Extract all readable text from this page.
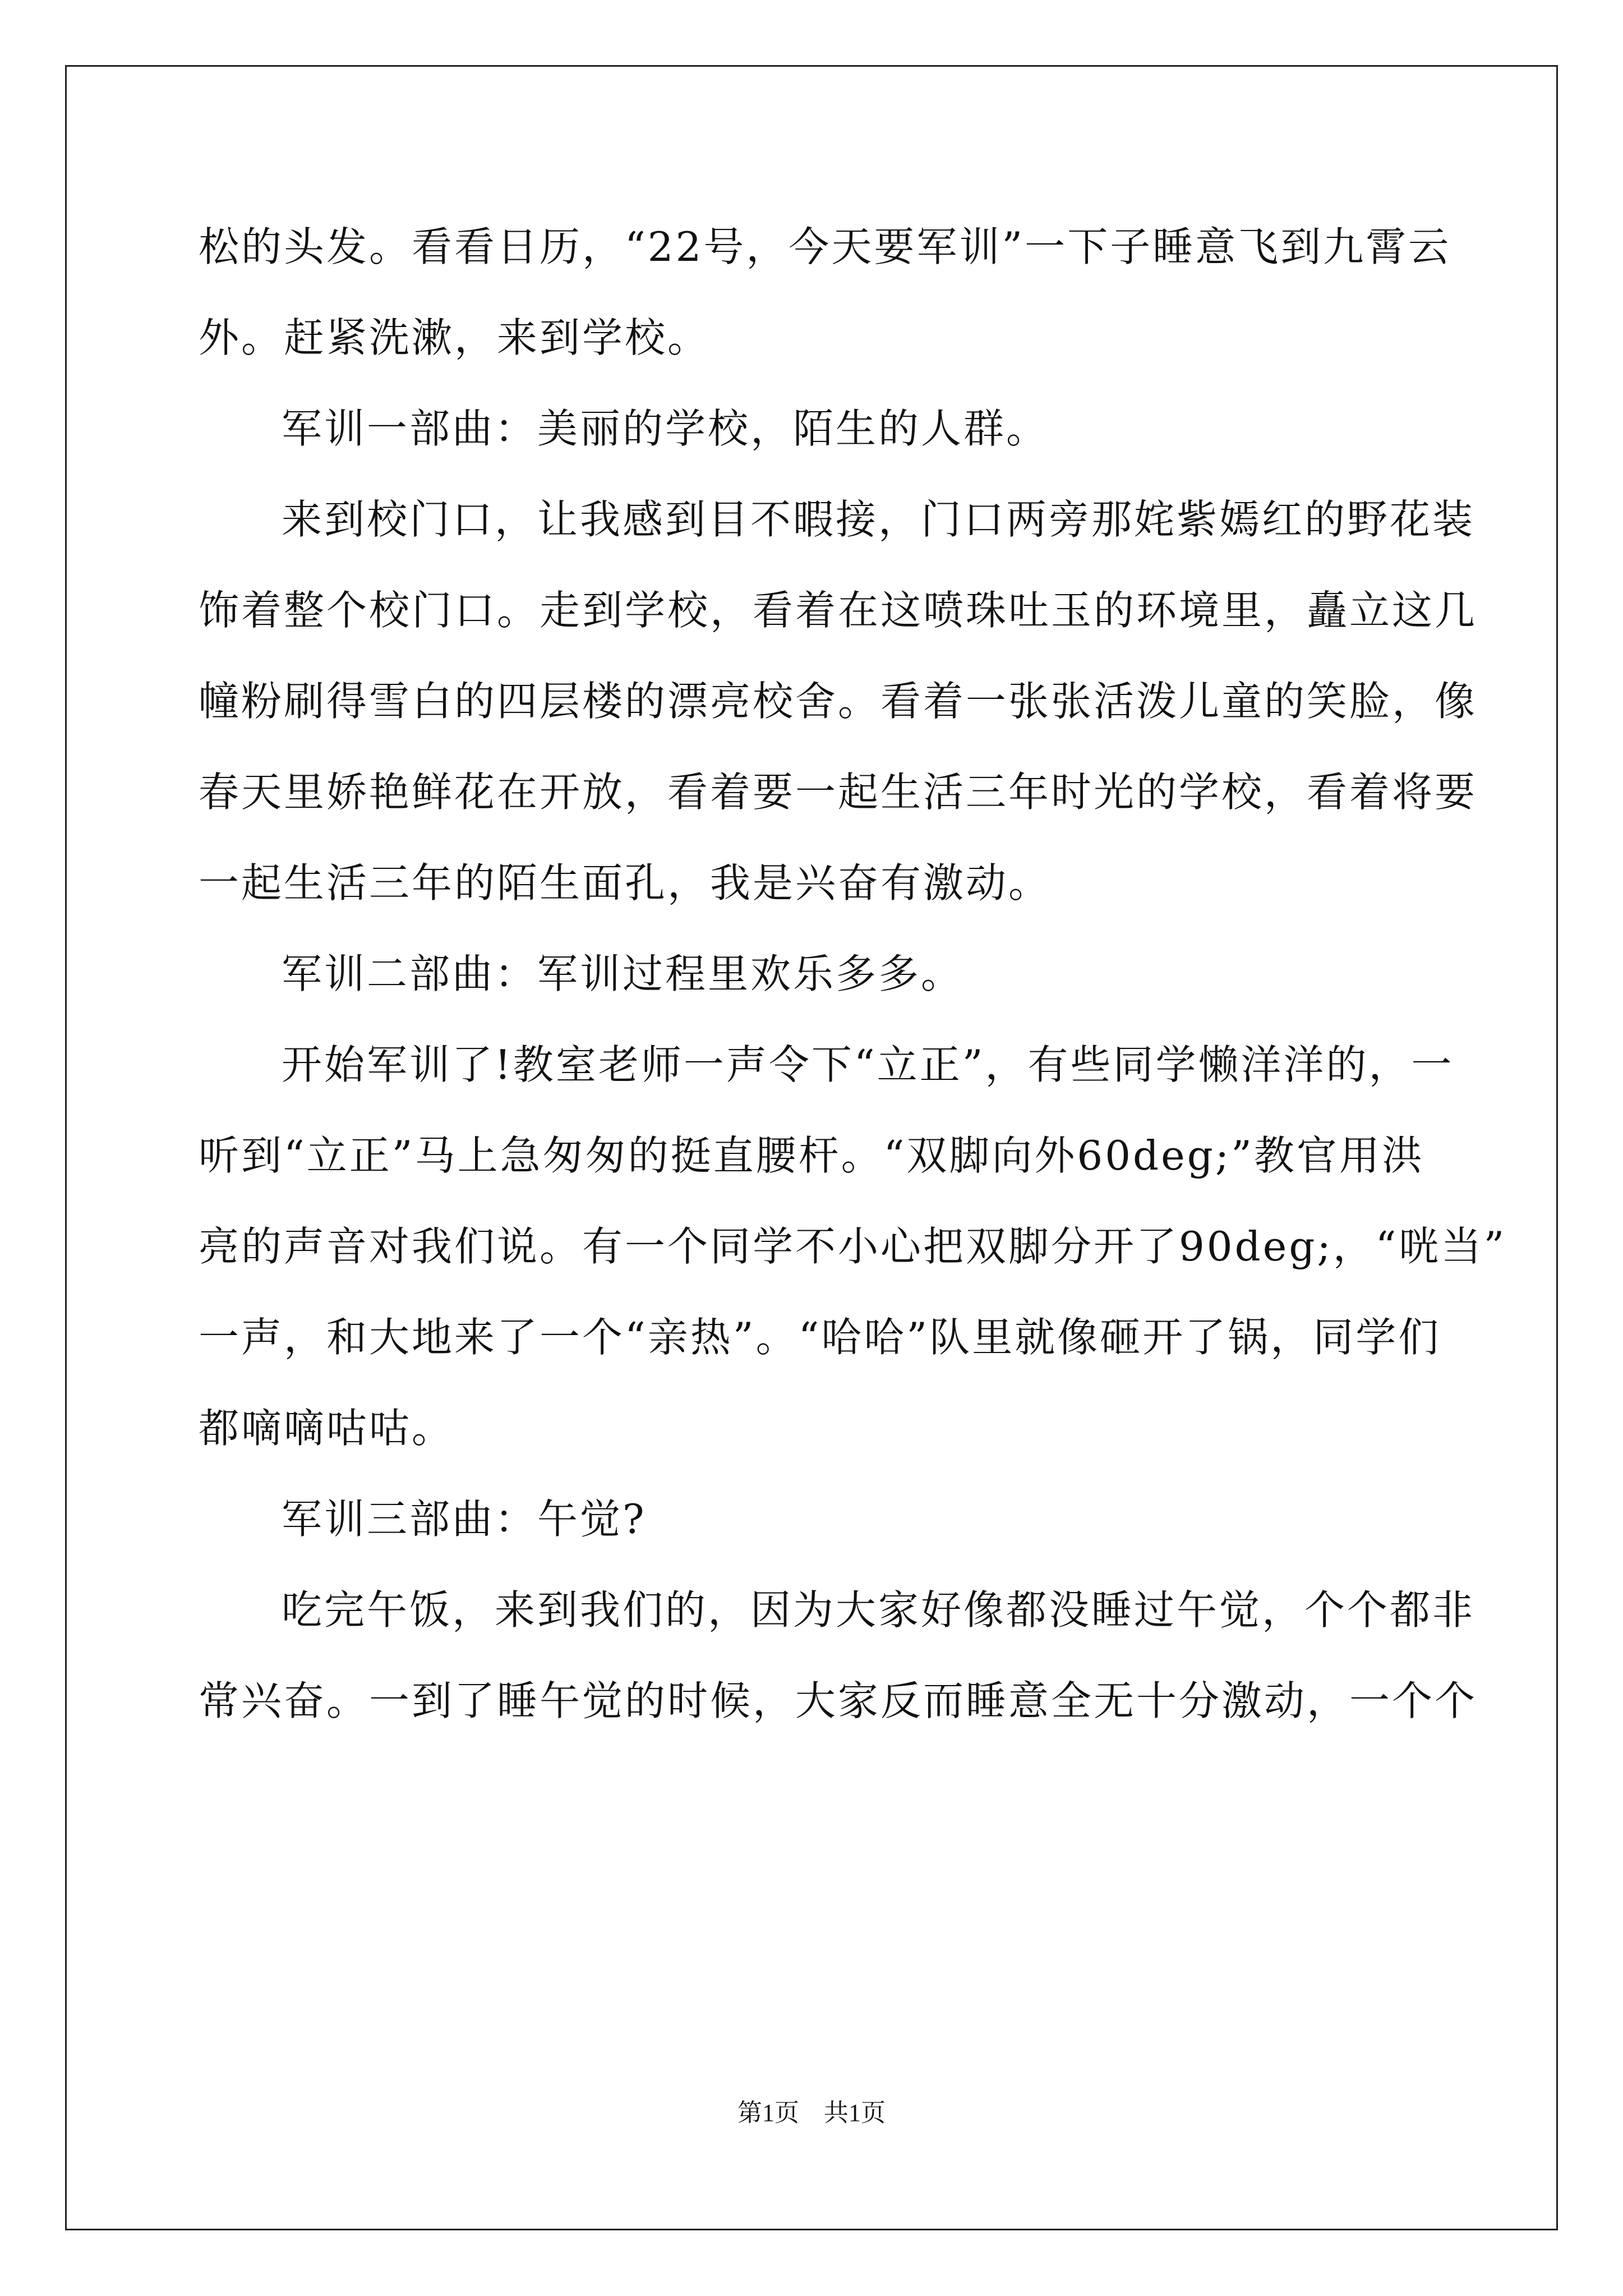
松的头发。看看日历，“22号，今天要军训”一下子睡意飞到九霄云
外。赶紧洗漱，来到学校。
军训一部曲：美丽的学校，陌生的人群。
来到校门口，让我感到目不暇接，门口两旁那姹紫嫣红的野花装
饰着整个校门口。走到学校，看着在这喷珠吐玉的环境里，矗立这几
幢粉刷得雪白的四层楼的漂亮校舍。看着一张张活泼儿童的笑脸，像
春天里娇艳鲜花在开放，看着要一起生活三年时光的学校，看着将要
一起生活三年的陌生面孔，我是兴奋有激动。
军训二部曲：军训过程里欢乐多多。
开始军训了!教室老师一声令下“立正”，有些同学懒洋洋的，一
听到“立正”马上急匆匆的挺直腰杆。“双脚向外60deg;”教官用洪
亮的声音对我们说。有一个同学不小心把双脚分开了90deg;，“咣当”
一声，和大地来了一个“亲热”。“哈哈”队里就像砸开了锅，同学们
都嘀嘀咕咕。
军训三部曲：午觉?
吃完午饭，来到我们的，因为大家好像都没睡过午觉，个个都非
常兴奋。一到了睡午觉的时候，大家反而睡意全无十分激动，一个个
第1页　共1页
